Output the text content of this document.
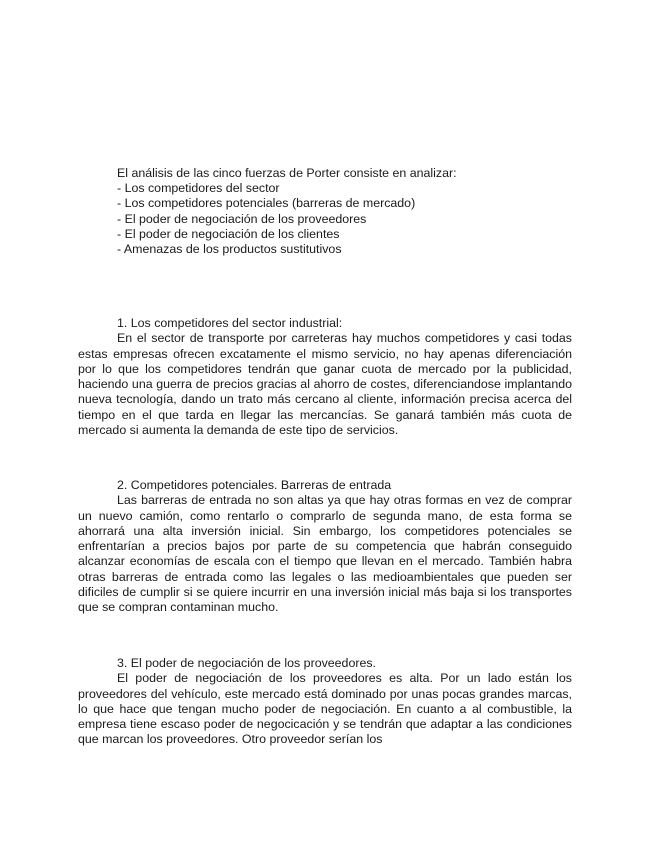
El análisis de las cinco fuerzas de Porter consiste en analizar:

- Los competidores del sector

- Los competidores potenciales (barreras de mercado)

- El poder de negociación de los proveedores

- El poder de negociación de los clientes

- Amenazas de los productos sustitutivos

1. Los competidores del sector industrial:

En el sector de transporte por carreteras hay muchos competidores y casi todas estas empresas ofrecen excatamente el mismo servicio, no hay apenas diferenciación por lo que los competidores tendrán que ganar cuota de mercado por la publicidad, haciendo una guerra de precios gracias al ahorro de costes, diferenciandose implantando nueva tecnología, dando un trato más cercano al cliente, información precisa acerca del tiempo en el que tarda en llegar las mercancías. Se ganará también más cuota de mercado si aumenta la demanda de este tipo de servicios.

2. Competidores potenciales. Barreras de entrada

Las barreras de entrada no son altas ya que hay otras formas en vez de comprar un nuevo camión, como rentarlo o comprarlo de segunda mano, de esta forma se ahorrará una alta inversión inicial. Sin embargo, los competidores potenciales se enfrentarían a precios bajos por parte de su competencia que habrán conseguido alcanzar economías de escala con el tiempo que llevan en el mercado. También habra otras barreras de entrada como las legales o las medioambientales que pueden ser dificiles de cumplir si se quiere incurrir en una inversión inicial más baja si los transportes que se compran contaminan mucho.

3. El poder de negociación de los proveedores.

El poder de negociación de los proveedores es alta. Por un lado están los proveedores del vehículo, este mercado está dominado por unas pocas grandes marcas, lo que hace que tengan mucho poder de negociación. En cuanto a al combustible, la empresa tiene escaso poder de negocicación y se tendrán que adaptar a las condiciones que marcan los proveedores. Otro proveedor serían los
